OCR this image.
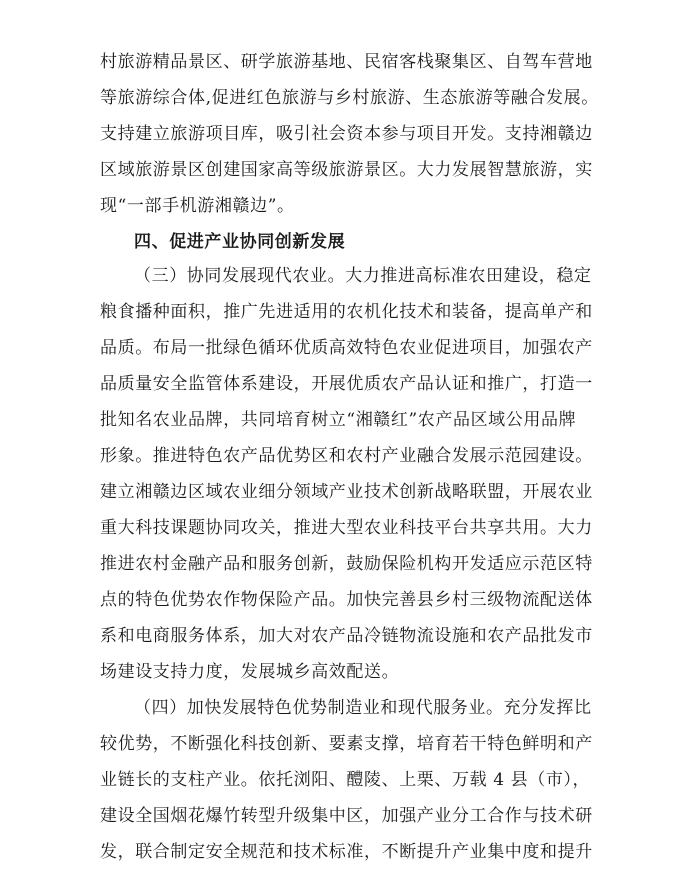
村旅游精品景区、研学旅游基地、民宿客栈聚集区、自驾车营地
等旅游综合体,促进红色旅游与乡村旅游、生态旅游等融合发展。
支持建立旅游项目库，吸引社会资本参与项目开发。支持湘赣边
区域旅游景区创建国家高等级旅游景区。大力发展智慧旅游，实
现“一部手机游湘赣边”。
四、促进产业协同创新发展
（三）协同发展现代农业。大力推进高标准农田建设，稳定
粮食播种面积，推广先进适用的农机化技术和装备，提高单产和
品质。布局一批绿色循环优质高效特色农业促进项目，加强农产
品质量安全监管体系建设，开展优质农产品认证和推广，打造一
批知名农业品牌，共同培育树立“湘赣红”农产品区域公用品牌
形象。推进特色农产品优势区和农村产业融合发展示范园建设。
建立湘赣边区域农业细分领域产业技术创新战略联盟，开展农业
重大科技课题协同攻关，推进大型农业科技平台共享共用。大力
推进农村金融产品和服务创新，鼓励保险机构开发适应示范区特
点的特色优势农作物保险产品。加快完善县乡村三级物流配送体
系和电商服务体系，加大对农产品冷链物流设施和农产品批发市
场建设支持力度，发展城乡高效配送。
（四）加快发展特色优势制造业和现代服务业。充分发挥比
较优势，不断强化科技创新、要素支撑，培育若干特色鲜明和产
业链长的支柱产业。依托浏阳、醴陵、上栗、万载 4 县（市），
建设全国烟花爆竹转型升级集中区，加强产业分工合作与技术研
发，联合制定安全规范和技术标准，不断提升产业集中度和提升
